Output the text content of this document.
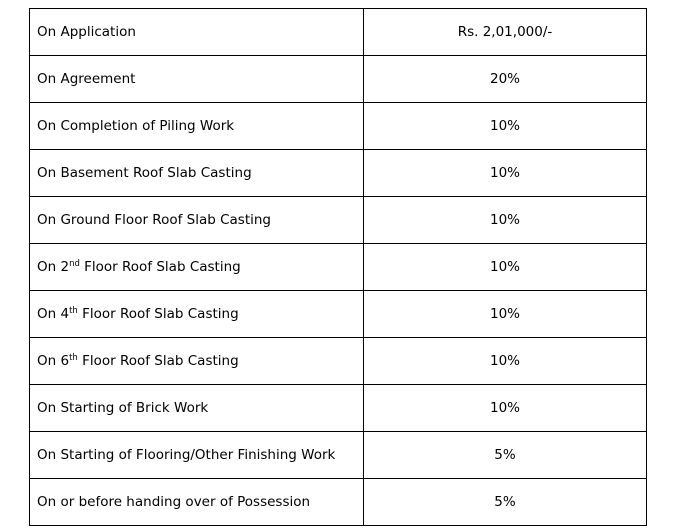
On Application	Rs. 2,01,000/-
On Agreement	20%
On Completion of Piling Work	10%
On Basement Roof Slab Casting	10%
On Ground Floor Roof Slab Casting	10%
On 2nd Floor Roof Slab Casting	10%
On 4th Floor Roof Slab Casting	10%
On 6th Floor Roof Slab Casting	10%
On Starting of Brick Work	10%
On Starting of Flooring/Other Finishing Work	5%
On or before handing over of Possession	5%
